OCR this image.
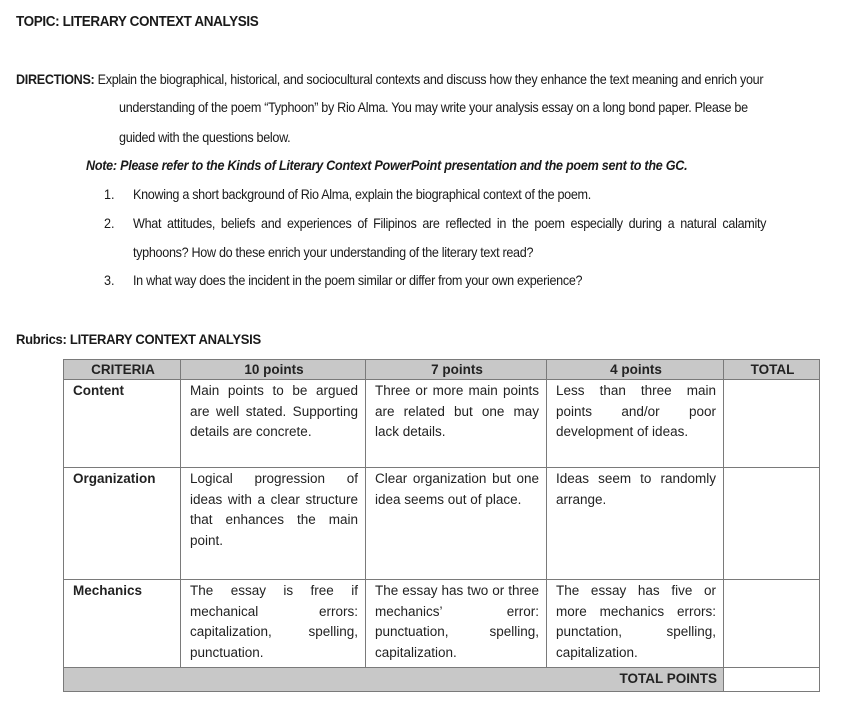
TOPIC: LITERARY CONTEXT ANALYSIS
DIRECTIONS: Explain the biographical, historical, and sociocultural contexts and discuss how they enhance the text meaning and enrich your
understanding of the poem “Typhoon” by Rio Alma. You may write your analysis essay on a long bond paper. Please be
guided with the questions below.
Note: Please refer to the Kinds of Literary Context PowerPoint presentation and the poem sent to the GC.
1. Knowing a short background of Rio Alma, explain the biographical context of the poem.
2. What attitudes, beliefs and experiences of Filipinos are reflected in the poem especially during a natural calamity
typhoons? How do these enrich your understanding of the literary text read?
3. In what way does the incident in the poem similar or differ from your own experience?
Rubrics: LITERARY CONTEXT ANALYSIS
CRITERIA	10 points	7 points	4 points	TOTAL
Content	Main points to be argued are well stated. Supporting details are concrete.	Three or more main points are related but one may lack details.	Less than three main points and/or poor development of ideas.	
Organization	Logical progression of ideas with a clear structure that enhances the main point.	Clear organization but one idea seems out of place.	Ideas seem to randomly arrange.	
Mechanics	The essay is free if mechanical errors: capitalization, spelling, punctuation.	The essay has two or three mechanics’ error: punctuation, spelling, capitalization.	The essay has five or more mechanics errors: punctation, spelling, capitalization.	
TOTAL POINTS				
